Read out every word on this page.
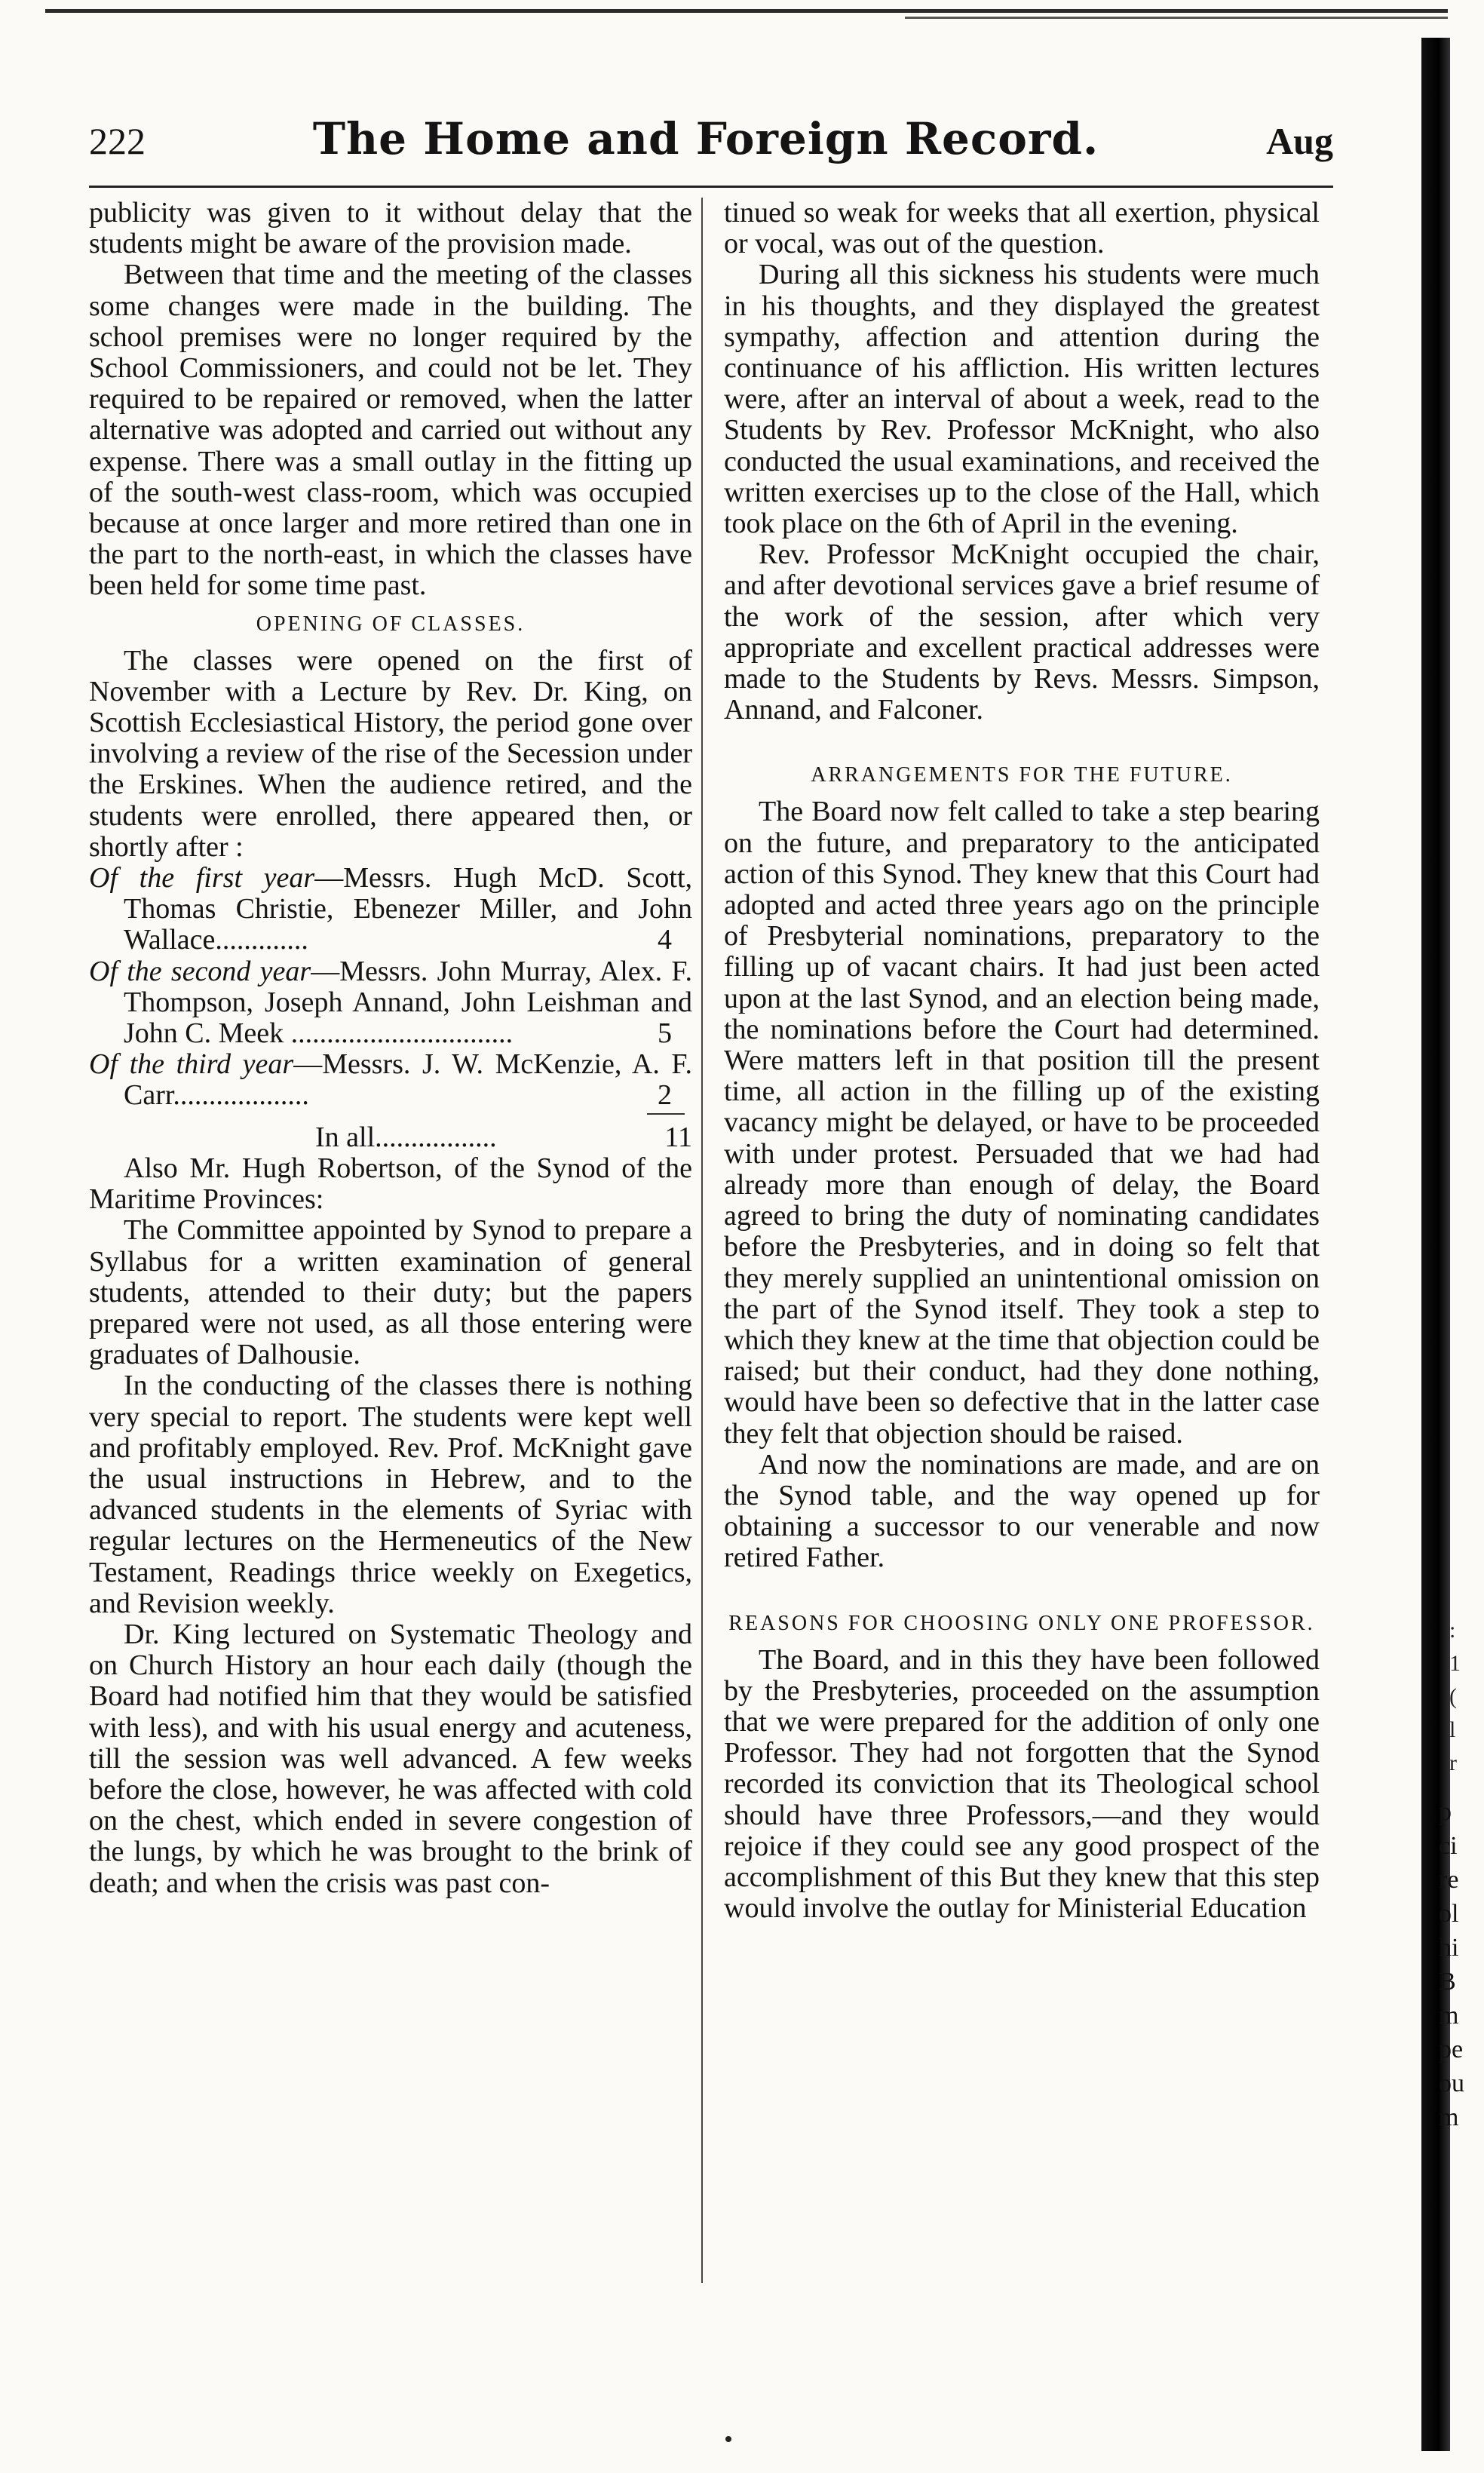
222	The Home and Foreign Record.	Aug

publicity was given to it without delay that the students might be aware of the provision made.

Between that time and the meeting of the classes some changes were made in the building. The school premises were no longer required by the School Commissioners, and could not be let. They required to be repaired or removed, when the latter alternative was adopted and carried out without any expense. There was a small outlay in the fitting up of the south-west class-room, which was occupied because at once larger and more retired than one in the part to the north-east, in which the classes have been held for some time past.

OPENING OF CLASSES.

The classes were opened on the first of November with a Lecture by Rev. Dr. King, on Scottish Ecclesiastical History, the period gone over involving a review of the rise of the Secession under the Erskines. When the audience retired, and the students were enrolled, there appeared then, or shortly after :

Of the first year—Messrs. Hugh McD. Scott, Thomas Christie, Ebenezer Miller, and John Wallace.............	4
Of the second year—Messrs. John Murray, Alex. F. Thompson, Joseph Annand, John Leishman and John C. Meek ...............................	5
Of the third year—Messrs. J. W. McKenzie, A. F. Carr...................	2
In all.................	11

Also Mr. Hugh Robertson, of the Synod of the Maritime Provinces:

The Committee appointed by Synod to prepare a Syllabus for a written examination of general students, attended to their duty; but the papers prepared were not used, as all those entering were graduates of Dalhousie.

In the conducting of the classes there is nothing very special to report. The students were kept well and profitably employed. Rev. Prof. McKnight gave the usual instructions in Hebrew, and to the advanced students in the elements of Syriac with regular lectures on the Hermeneutics of the New Testament, Readings thrice weekly on Exegetics, and Revision weekly.

Dr. King lectured on Systematic Theology and on Church History an hour each daily (though the Board had notified him that they would be satisfied with less), and with his usual energy and acuteness, till the session was well advanced. A few weeks before the close, however, he was affected with cold on the chest, which ended in severe congestion of the lungs, by which he was brought to the brink of death; and when the crisis was past con-

tinued so weak for weeks that all exertion, physical or vocal, was out of the question.

During all this sickness his students were much in his thoughts, and they displayed the greatest sympathy, affection and attention during the continuance of his affliction. His written lectures were, after an interval of about a week, read to the Students by Rev. Professor McKnight, who also conducted the usual examinations, and received the written exercises up to the close of the Hall, which took place on the 6th of April in the evening.

Rev. Professor McKnight occupied the chair, and after devotional services gave a brief resume of the work of the session, after which very appropriate and excellent practical addresses were made to the Students by Revs. Messrs. Simpson, Annand, and Falconer.

ARRANGEMENTS FOR THE FUTURE.

The Board now felt called to take a step bearing on the future, and preparatory to the anticipated action of this Synod. They knew that this Court had adopted and acted three years ago on the principle of Presbyterial nominations, preparatory to the filling up of vacant chairs. It had just been acted upon at the last Synod, and an election being made, the nominations before the Court had determined. Were matters left in that position till the present time, all action in the filling up of the existing vacancy might be delayed, or have to be proceeded with under protest. Persuaded that we had had already more than enough of delay, the Board agreed to bring the duty of nominating candidates before the Presbyteries, and in doing so felt that they merely supplied an unintentional omission on the part of the Synod itself. They took a step to which they knew at the time that objection could be raised; but their conduct, had they done nothing, would have been so defective that in the latter case they felt that objection should be raised.

And now the nominations are made, and are on the Synod table, and the way opened up for obtaining a successor to our venerable and now retired Father.

REASONS FOR CHOOSING ONLY ONE PROFESSOR.

The Board, and in this they have been followed by the Presbyteries, proceeded on the assumption that we were prepared for the addition of only one Professor. They had not forgotten that the Synod recorded its conviction that its Theological school should have three Professors,—and they would rejoice if they could see any good prospect of the accomplishment of this But they knew that this step would involve the outlay for Ministerial Education

:
1
(
l
r
p
ci
re
ol
hi
B
m
pe
ou
m
